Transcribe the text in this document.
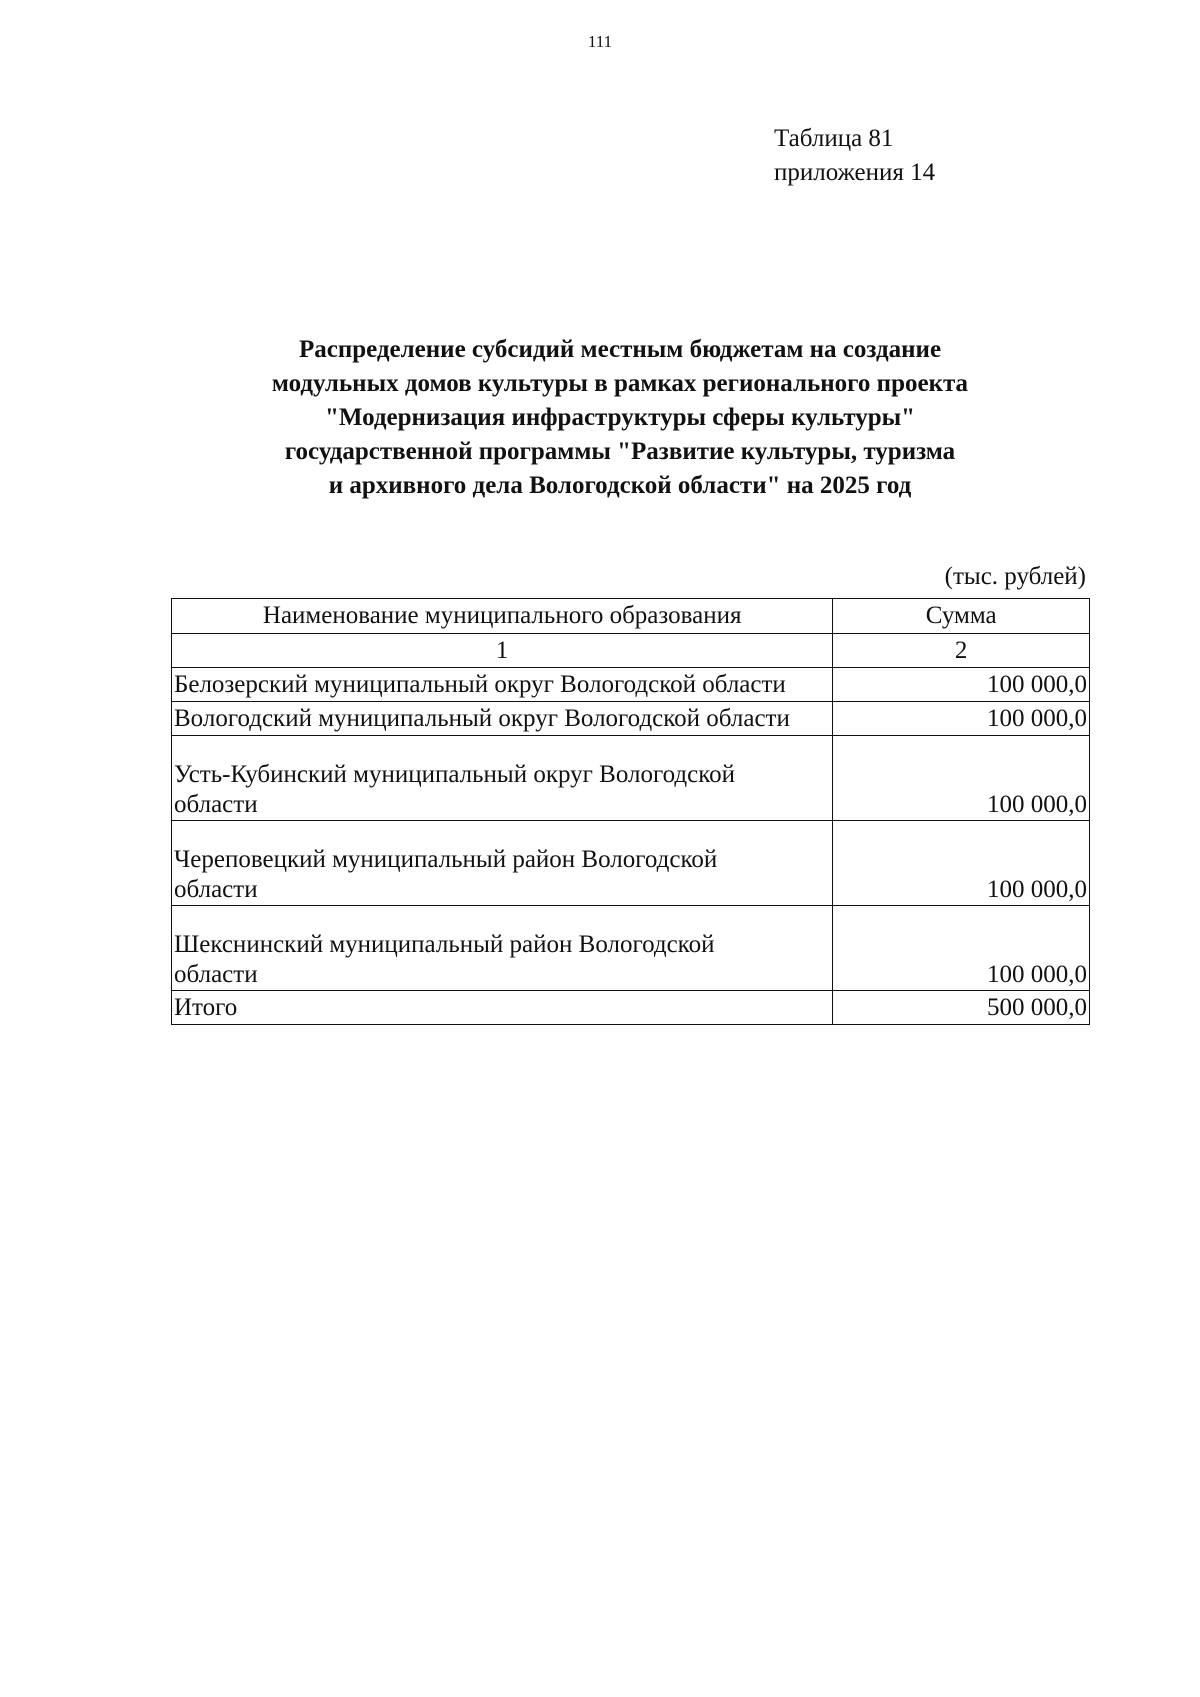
111
Таблица 81
приложения 14
Распределение субсидий местным бюджетам на создание
модульных домов культуры в рамках регионального проекта
"Модернизация инфраструктуры сферы культуры"
государственной программы "Развитие культуры, туризма
и архивного дела Вологодской области" на 2025 год
(тыс. рублей)
Наименование муниципального образования	Сумма
1	2
Белозерский муниципальный округ Вологодской области	100 000,0
Вологодский муниципальный округ Вологодской области	100 000,0

Усть-Кубинский муниципальный округ Вологодской
области	100 000,0

Череповецкий муниципальный район Вологодской
области	100 000,0

Шекснинский муниципальный район Вологодской
области	100 000,0
Итого	500 000,0
